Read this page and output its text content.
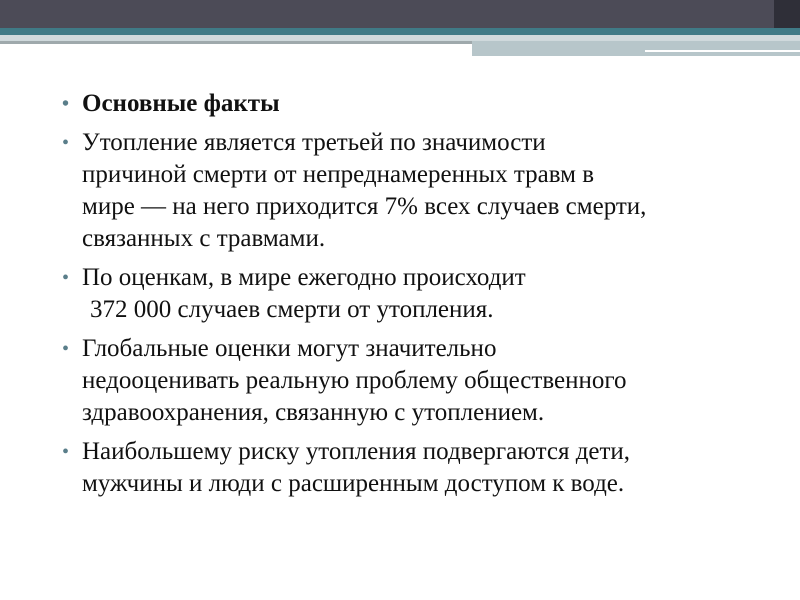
• Основные факты
• Утопление является третьей по значимости
причиной смерти от непреднамеренных травм в
мире — на него приходится 7% всех случаев смерти,
связанных с травмами.
• По оценкам, в мире ежегодно происходит
372 000 случаев смерти от утопления.
• Глобальные оценки могут значительно
недооценивать реальную проблему общественного
здравоохранения, связанную с утоплением.
• Наибольшему риску утопления подвергаются дети,
мужчины и люди с расширенным доступом к воде.
